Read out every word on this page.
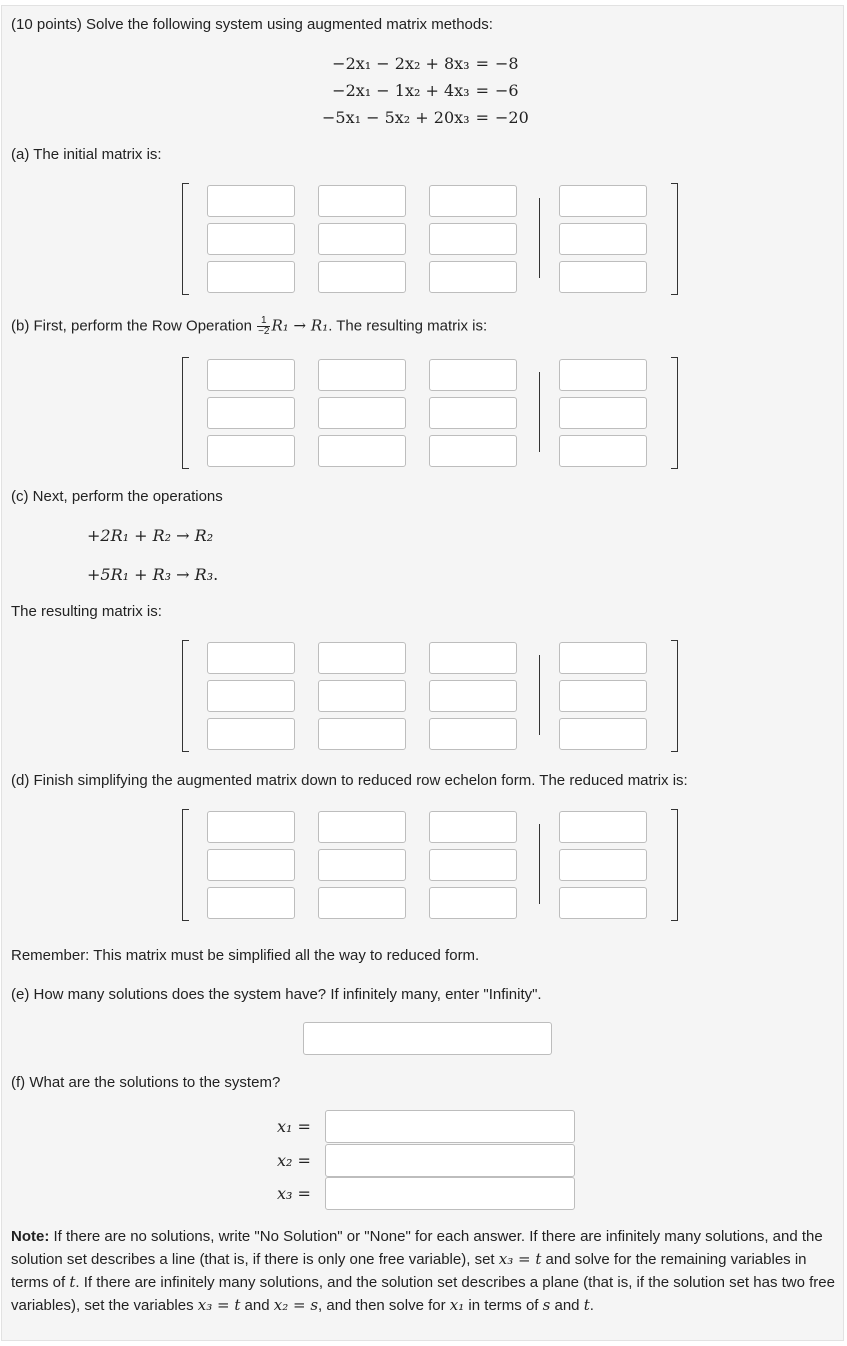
(10 points) Solve the following system using augmented matrix methods:
−2x₁ − 2x₂ + 8x₃	=	−8
−2x₁ − 1x₂ + 4x₃	=	−6
−5x₁ − 5x₂ + 20x₃	=	−20
(a) The initial matrix is:
(b) First, perform the Row Operation $\frac{1}{-2} R_1 \to R_1$. The resulting matrix is:
(c) Next, perform the operations
+2R₁ + R₂ → R₂
+5R₁ + R₃ → R₃.
The resulting matrix is:
(d) Finish simplifying the augmented matrix down to reduced row echelon form. The reduced matrix is:
Remember: This matrix must be simplified all the way to reduced form.
(e) How many solutions does the system have? If infinitely many, enter "Infinity".
(f) What are the solutions to the system?
x₁ =
x₂ =
x₃ =
Note: If there are no solutions, write "No Solution" or "None" for each answer. If there are infinitely many solutions, and the solution set describes a line (that is, if there is only one free variable), set x₃ = t and solve for the remaining variables in terms of t. If there are infinitely many solutions, and the solution set describes a plane (that is, if the solution set has two free variables), set the variables x₃ = t and x₂ = s, and then solve for x₁ in terms of s and t.
